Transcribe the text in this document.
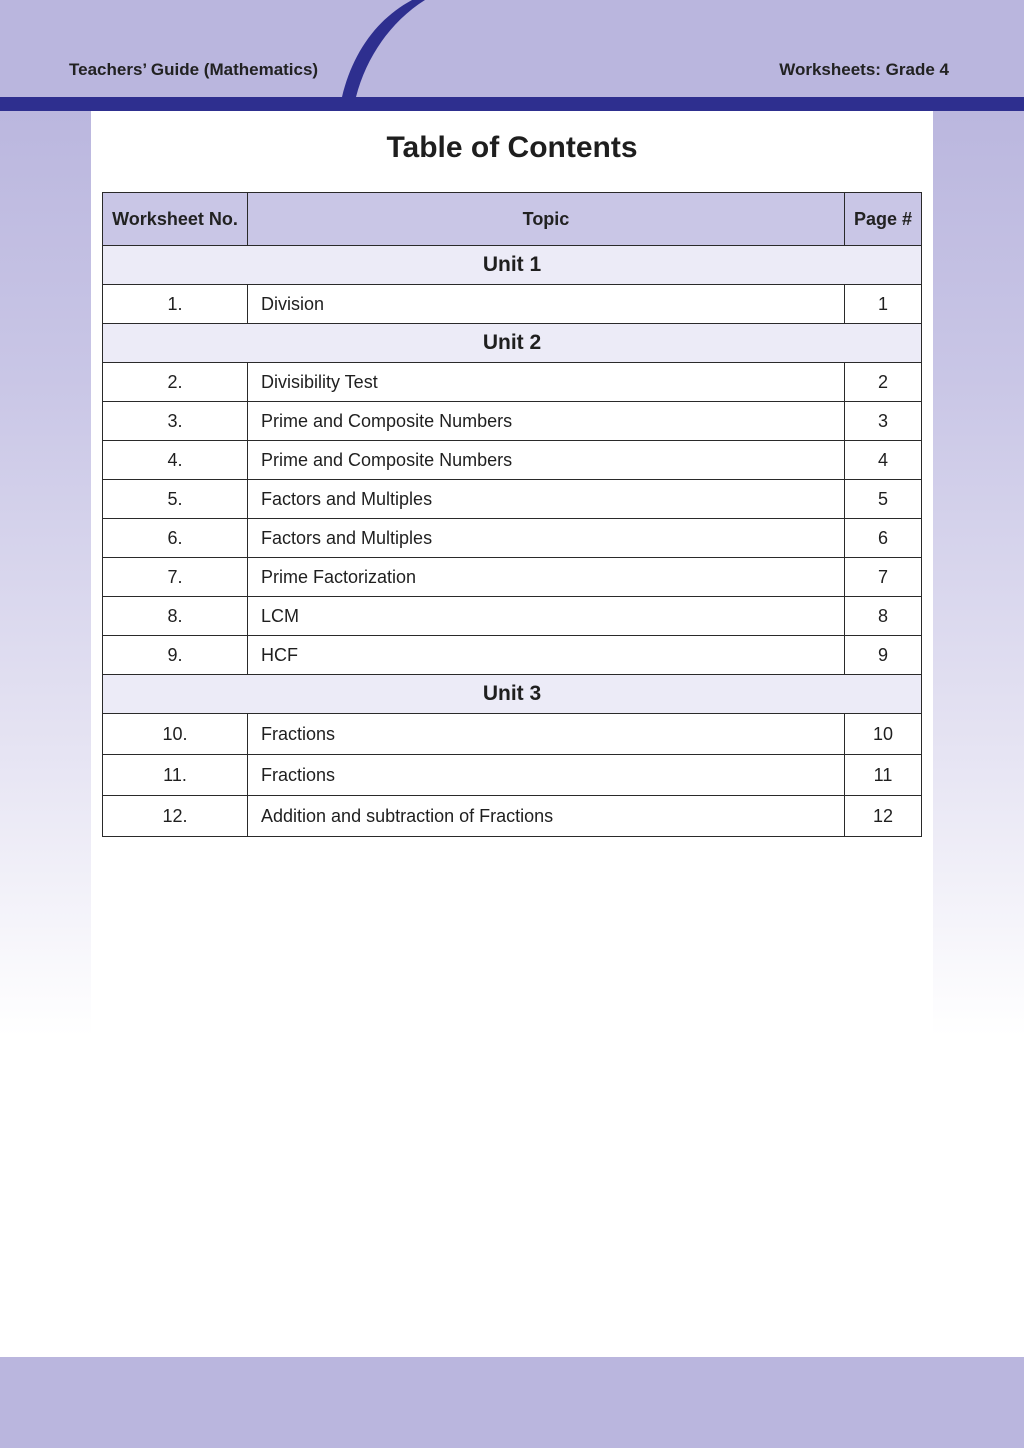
Teachers’ Guide (Mathematics)	Worksheets: Grade 4
Table of Contents
Worksheet No.	Topic	Page #
Unit 1		
1.	Division	1
Unit 2		
2.	Divisibility Test	2
3.	Prime and Composite Numbers	3
4.	Prime and Composite Numbers	4
5.	Factors and Multiples	5
6.	Factors and Multiples	6
7.	Prime Factorization	7
8.	LCM	8
9.	HCF	9
Unit 3		
10.	Fractions	10
11.	Fractions	11
12.	Addition and subtraction of Fractions	12
